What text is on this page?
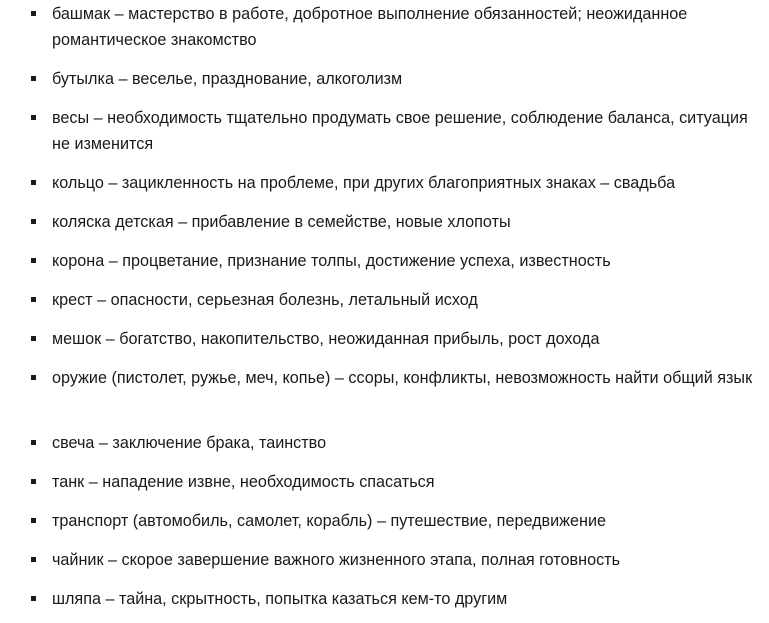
башмак – мастерство в работе, добротное выполнение обязанностей; неожиданное романтическое знакомство
бутылка – веселье, празднование, алкоголизм
весы – необходимость тщательно продумать свое решение, соблюдение баланса, ситуация не изменится
кольцо – зацикленность на проблеме, при других благоприятных знаках – свадьба
коляска детская – прибавление в семействе, новые хлопоты
корона – процветание, признание толпы, достижение успеха, известность
крест – опасности, серьезная болезнь, летальный исход
мешок – богатство, накопительство, неожиданная прибыль, рост дохода
оружие (пистолет, ружье, меч, копье) – ссоры, конфликты, невозможность найти общий язык
свеча – заключение брака, таинство
танк – нападение извне, необходимость спасаться
транспорт (автомобиль, самолет, корабль) – путешествие, передвижение
чайник – скорое завершение важного жизненного этапа, полная готовность
шляпа – тайна, скрытность, попытка казаться кем-то другим
